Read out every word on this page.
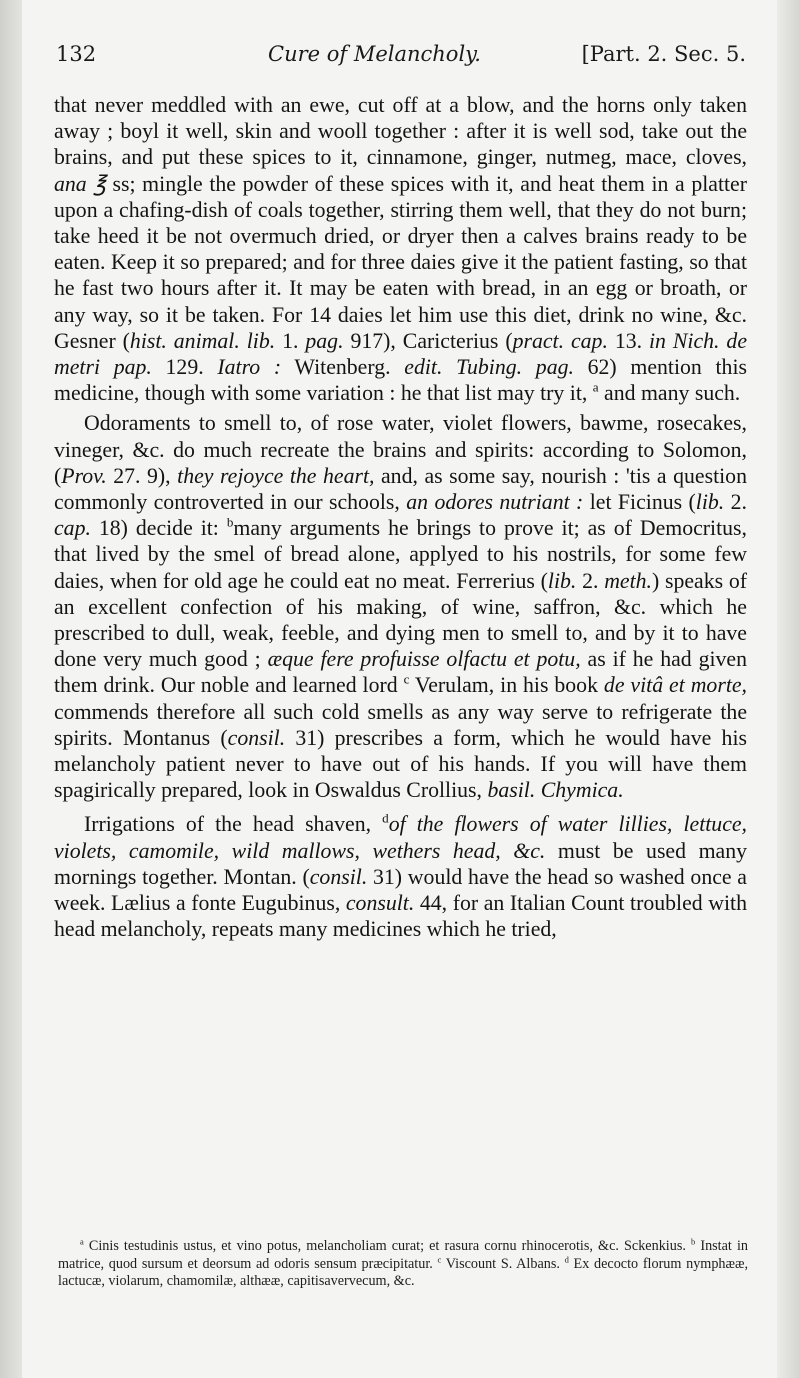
132	Cure of Melancholy.	[Part. 2. Sec. 5.

that never meddled with an ewe, cut off at a blow, and the horns only taken away ; boyl it well, skin and wooll together : after it is well sod, take out the brains, and put these spices to it, cinnamone, ginger, nutmeg, mace, cloves, ana ℥ ss; mingle the powder of these spices with it, and heat them in a platter upon a chafing-dish of coals together, stirring them well, that they do not burn; take heed it be not overmuch dried, or dryer then a calves brains ready to be eaten. Keep it so prepared; and for three daies give it the patient fasting, so that he fast two hours after it. It may be eaten with bread, in an egg or broath, or any way, so it be taken. For 14 daies let him use this diet, drink no wine, &c. Gesner (hist. animal. lib. 1. pag. 917), Caricterius (pract. cap. 13. in Nich. de metri pap. 129. Iatro : Witenberg. edit. Tubing. pag. 62) mention this medicine, though with some variation : he that list may try it, $^a$ and many such.

Odoraments to smell to, of rose water, violet flowers, bawme, rosecakes, vineger, &c. do much recreate the brains and spirits: according to Solomon, (Prov. 27. 9), they rejoyce the heart, and, as some say, nourish : 'tis a question commonly controverted in our schools, an odores nutriant : let Ficinus (lib. 2. cap. 18) decide it: $^b$many arguments he brings to prove it; as of Democritus, that lived by the smel of bread alone, applyed to his nostrils, for some few daies, when for old age he could eat no meat. Ferrerius (lib. 2. meth.) speaks of an excellent confection of his making, of wine, saffron, &c. which he prescribed to dull, weak, feeble, and dying men to smell to, and by it to have done very much good ; æque fere profuisse olfactu et potu, as if he had given them drink. Our noble and learned lord $^c$ Verulam, in his book de vitâ et morte, commends therefore all such cold smells as any way serve to refrigerate the spirits. Montanus (consil. 31) prescribes a form, which he would have his melancholy patient never to have out of his hands. If you will have them spagirically prepared, look in Oswaldus Crollius, basil. Chymica.

Irrigations of the head shaven, $^d$of the flowers of water lillies, lettuce, violets, camomile, wild mallows, wethers head, &c. must be used many mornings together. Montan. (consil. 31) would have the head so washed once a week. Lælius a fonte Eugubinus, consult. 44, for an Italian Count troubled with head melancholy, repeats many medicines which he tried,

$^a$ Cinis testudinis ustus, et vino potus, melancholiam curat; et rasura cornu rhinocerotis, &c. Sckenkius. $^b$ Instat in matrice, quod sursum et deorsum ad odoris sensum præcipitatur. $^c$ Viscount S. Albans. $^d$ Ex decocto florum nymphææ, lactucæ, violarum, chamomilæ, althææ, capitisavervecum, &c.
